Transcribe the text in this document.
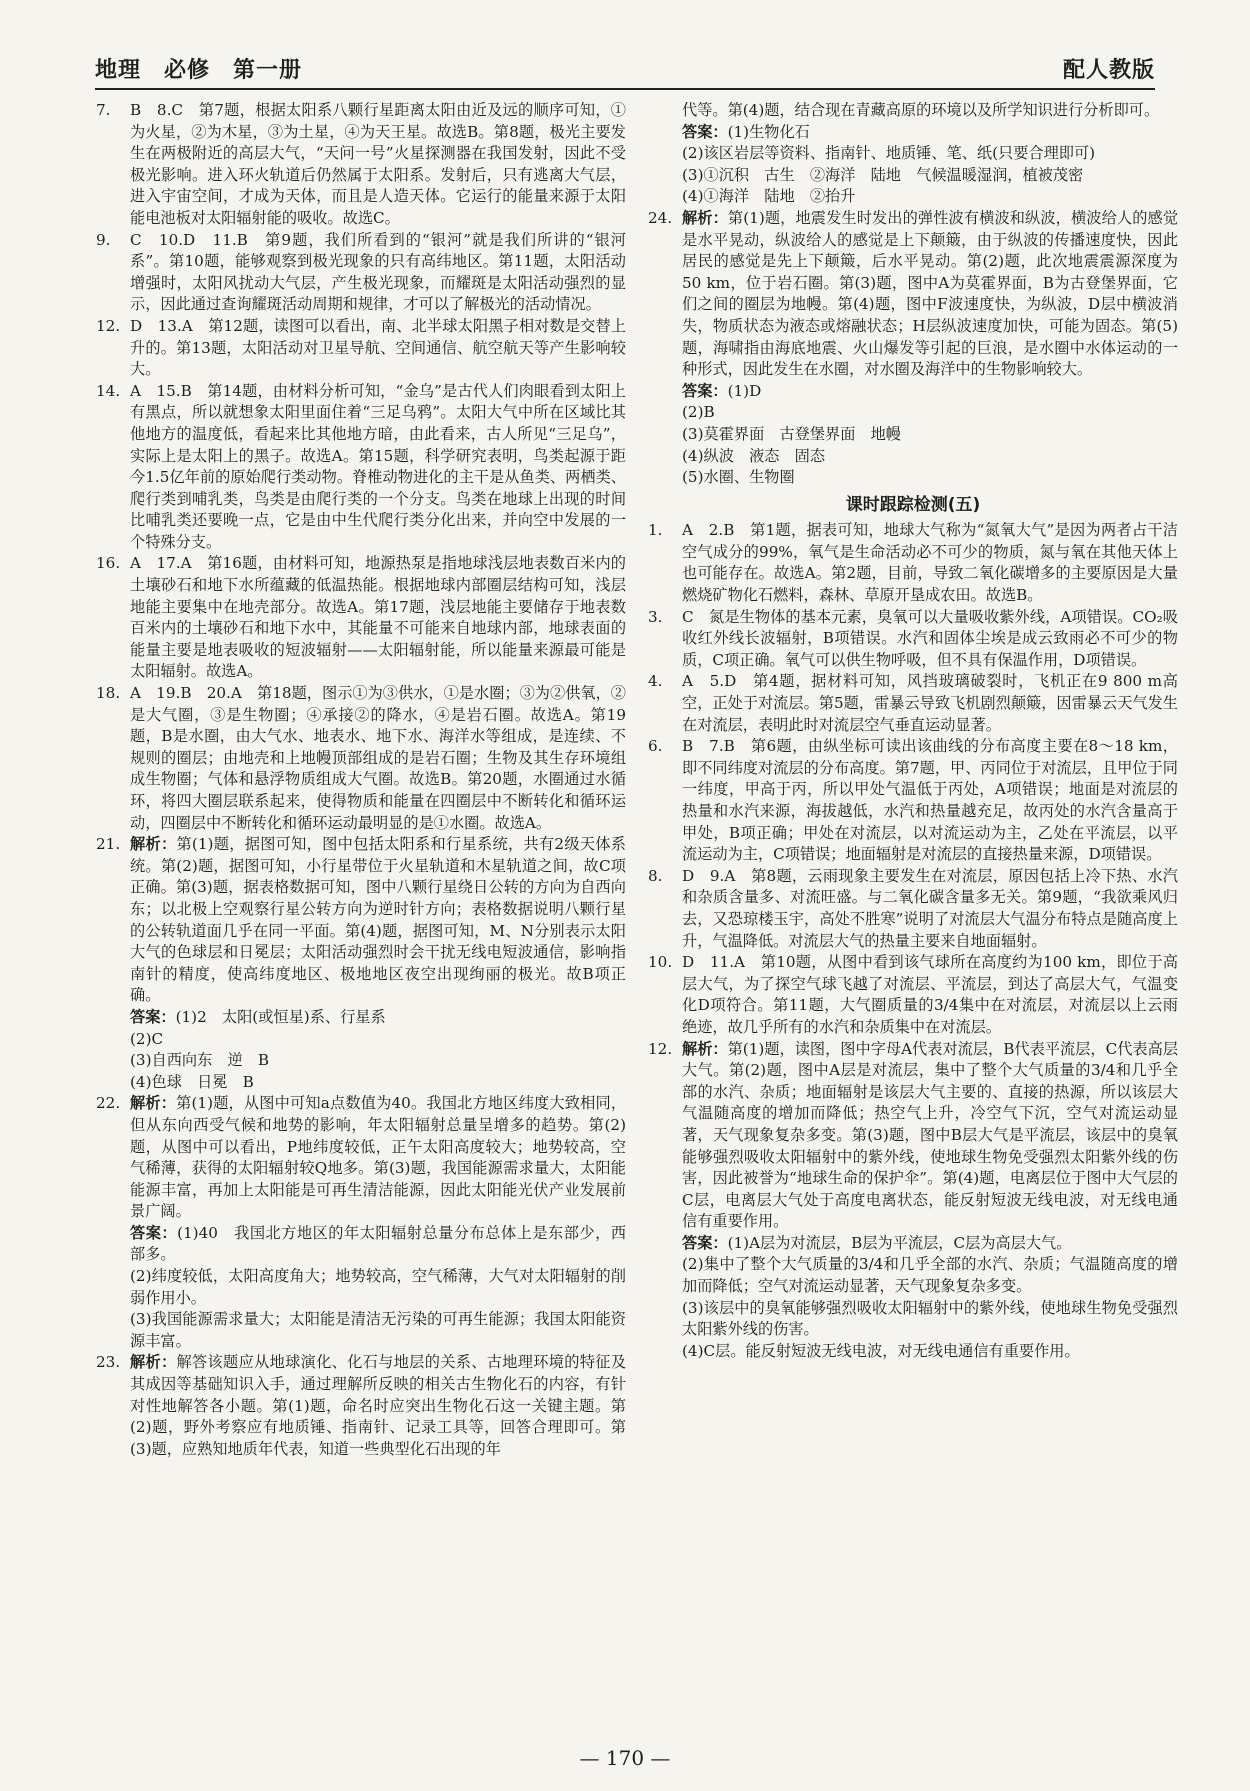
地理　必修　第一册	配人教版
7.	B　8.C　第7题，根据太阳系八颗行星距离太阳由近及远的顺序可知，①为火星，②为木星，③为土星，④为天王星。故选B。第8题，极光主要发生在两极附近的高层大气，“天问一号”火星探测器在我国发射，因此不受极光影响。进入环火轨道后仍然属于太阳系。发射后，只有逃离大气层，进入宇宙空间，才成为天体，而且是人造天体。它运行的能量来源于太阳能电池板对太阳辐射能的吸收。故选C。
9.	C　10.D　11.B　第9题，我们所看到的“银河”就是我们所讲的“银河系”。第10题，能够观察到极光现象的只有高纬地区。第11题，太阳活动增强时，太阳风扰动大气层，产生极光现象，而耀斑是太阳活动强烈的显示，因此通过查询耀斑活动周期和规律，才可以了解极光的活动情况。
12. D　13.A　第12题，读图可以看出，南、北半球太阳黑子相对数是交替上升的。第13题，太阳活动对卫星导航、空间通信、航空航天等产生影响较大。
14. A　15.B　第14题，由材料分析可知，“金乌”是古代人们肉眼看到太阳上有黑点，所以就想象太阳里面住着“三足乌鸦”。太阳大气中所在区域比其他地方的温度低，看起来比其他地方暗，由此看来，古人所见“三足乌”，实际上是太阳上的黑子。故选A。第15题，科学研究表明，鸟类起源于距今1.5亿年前的原始爬行类动物。脊椎动物进化的主干是从鱼类、两栖类、爬行类到哺乳类，鸟类是由爬行类的一个分支。鸟类在地球上出现的时间比哺乳类还要晚一点，它是由中生代爬行类分化出来，并向空中发展的一个特殊分支。
16. A　17.A　第16题，由材料可知，地源热泵是指地球浅层地表数百米内的土壤砂石和地下水所蕴藏的低温热能。根据地球内部圈层结构可知，浅层地能主要集中在地壳部分。故选A。第17题，浅层地能主要储存于地表数百米内的土壤砂石和地下水中，其能量不可能来自地球内部，地球表面的能量主要是地表吸收的短波辐射——太阳辐射能，所以能量来源最可能是太阳辐射。故选A。
18. A　19.B　20.A　第18题，图示①为③供水，①是水圈；③为②供氧，②是大气圈，③是生物圈；④承接②的降水，④是岩石圈。故选A。第19题，B是水圈，由大气水、地表水、地下水、海洋水等组成，是连续、不规则的圈层；由地壳和上地幔顶部组成的是岩石圈；生物及其生存环境组成生物圈；气体和悬浮物质组成大气圈。故选B。第20题，水圈通过水循环，将四大圈层联系起来，使得物质和能量在四圈层中不断转化和循环运动，四圈层中不断转化和循环运动最明显的是①水圈。故选A。
21. 解析：第(1)题，据图可知，图中包括太阳系和行星系统，共有2级天体系统。第(2)题，据图可知，小行星带位于火星轨道和木星轨道之间，故C项正确。第(3)题，据表格数据可知，图中八颗行星绕日公转的方向为自西向东；以北极上空观察行星公转方向为逆时针方向；表格数据说明八颗行星的公转轨道面几乎在同一平面。第(4)题，据图可知，M、N分别表示太阳大气的色球层和日冕层；太阳活动强烈时会干扰无线电短波通信，影响指南针的精度，使高纬度地区、极地地区夜空出现绚丽的极光。故B项正确。
答案：(1)2　太阳(或恒星)系、行星系
(2)C
(3)自西向东　逆　B
(4)色球　日冕　B
22. 解析：第(1)题，从图中可知a点数值为40。我国北方地区纬度大致相同，但从东向西受气候和地势的影响，年太阳辐射总量呈增多的趋势。第(2)题，从图中可以看出，P地纬度较低，正午太阳高度较大；地势较高，空气稀薄，获得的太阳辐射较Q地多。第(3)题，我国能源需求量大，太阳能能源丰富，再加上太阳能是可再生清洁能源，因此太阳能光伏产业发展前景广阔。
答案：(1)40　我国北方地区的年太阳辐射总量分布总体上是东部少，西部多。
(2)纬度较低，太阳高度角大；地势较高，空气稀薄，大气对太阳辐射的削弱作用小。
(3)我国能源需求量大；太阳能是清洁无污染的可再生能源；我国太阳能资源丰富。
23. 解析：解答该题应从地球演化、化石与地层的关系、古地理环境的特征及其成因等基础知识入手，通过理解所反映的相关古生物化石的内容，有针对性地解答各小题。第(1)题，命名时应突出生物化石这一关键主题。第(2)题，野外考察应有地质锤、指南针、记录工具等，回答合理即可。第(3)题，应熟知地质年代表，知道一些典型化石出现的年
代等。第(4)题，结合现在青藏高原的环境以及所学知识进行分析即可。
答案：(1)生物化石
(2)该区岩层等资料、指南针、地质锤、笔、纸(只要合理即可)
(3)①沉积　古生　②海洋　陆地　气候温暖湿润，植被茂密
(4)①海洋　陆地　②抬升
24. 解析：第(1)题，地震发生时发出的弹性波有横波和纵波，横波给人的感觉是水平晃动，纵波给人的感觉是上下颠簸，由于纵波的传播速度快，因此居民的感觉是先上下颠簸，后水平晃动。第(2)题，此次地震震源深度为50 km，位于岩石圈。第(3)题，图中A为莫霍界面，B为古登堡界面，它们之间的圈层为地幔。第(4)题，图中F波速度快，为纵波，D层中横波消失，物质状态为液态或熔融状态；H层纵波速度加快，可能为固态。第(5)题，海啸指由海底地震、火山爆发等引起的巨浪，是水圈中水体运动的一种形式，因此发生在水圈，对水圈及海洋中的生物影响较大。
答案：(1)D
(2)B
(3)莫霍界面　古登堡界面　地幔
(4)纵波　液态　固态
(5)水圈、生物圈
课时跟踪检测(五)
1.	A　2.B　第1题，据表可知，地球大气称为“氮氧大气”是因为两者占干洁空气成分的99%，氧气是生命活动必不可少的物质，氮与氧在其他天体上也可能存在。故选A。第2题，目前，导致二氧化碳增多的主要原因是大量燃烧矿物化石燃料，森林、草原开垦成农田。故选B。
3.	C　氮是生物体的基本元素，臭氧可以大量吸收紫外线，A项错误。CO₂吸收红外线长波辐射，B项错误。水汽和固体尘埃是成云致雨必不可少的物质，C项正确。氧气可以供生物呼吸，但不具有保温作用，D项错误。
4.	A　5.D　第4题，据材料可知，风挡玻璃破裂时，飞机正在9 800 m高空，正处于对流层。第5题，雷暴云导致飞机剧烈颠簸，因雷暴云天气发生在对流层，表明此时对流层空气垂直运动显著。
6.	B　7.B　第6题，由纵坐标可读出该曲线的分布高度主要在8～18 km，即不同纬度对流层的分布高度。第7题，甲、丙同位于对流层，且甲位于同一纬度，甲高于丙，所以甲处气温低于丙处，A项错误；地面是对流层的热量和水汽来源，海拔越低，水汽和热量越充足，故丙处的水汽含量高于甲处，B项正确；甲处在对流层，以对流运动为主，乙处在平流层，以平流运动为主，C项错误；地面辐射是对流层的直接热量来源，D项错误。
8.	D　9.A　第8题，云雨现象主要发生在对流层，原因包括上冷下热、水汽和杂质含量多、对流旺盛。与二氧化碳含量多无关。第9题，“我欲乘风归去，又恐琼楼玉宇，高处不胜寒”说明了对流层大气温分布特点是随高度上升，气温降低。对流层大气的热量主要来自地面辐射。
10. D　11.A　第10题，从图中看到该气球所在高度约为100 km，即位于高层大气，为了探空气球飞越了对流层、平流层，到达了高层大气，气温变化D项符合。第11题，大气圈质量的3/4集中在对流层，对流层以上云雨绝迹，故几乎所有的水汽和杂质集中在对流层。
12. 解析：第(1)题，读图，图中字母A代表对流层，B代表平流层，C代表高层大气。第(2)题，图中A层是对流层，集中了整个大气质量的3/4和几乎全部的水汽、杂质；地面辐射是该层大气主要的、直接的热源，所以该层大气温随高度的增加而降低；热空气上升，冷空气下沉，空气对流运动显著，天气现象复杂多变。第(3)题，图中B层大气是平流层，该层中的臭氧能够强烈吸收太阳辐射中的紫外线，使地球生物免受强烈太阳紫外线的伤害，因此被誉为“地球生命的保护伞”。第(4)题，电离层位于图中大气层的C层，电离层大气处于高度电离状态，能反射短波无线电波，对无线电通信有重要作用。
答案：(1)A层为对流层，B层为平流层，C层为高层大气。
(2)集中了整个大气质量的3/4和几乎全部的水汽、杂质；气温随高度的增加而降低；空气对流运动显著，天气现象复杂多变。
(3)该层中的臭氧能够强烈吸收太阳辐射中的紫外线，使地球生物免受强烈太阳紫外线的伤害。
(4)C层。能反射短波无线电波，对无线电通信有重要作用。
— 170 —
